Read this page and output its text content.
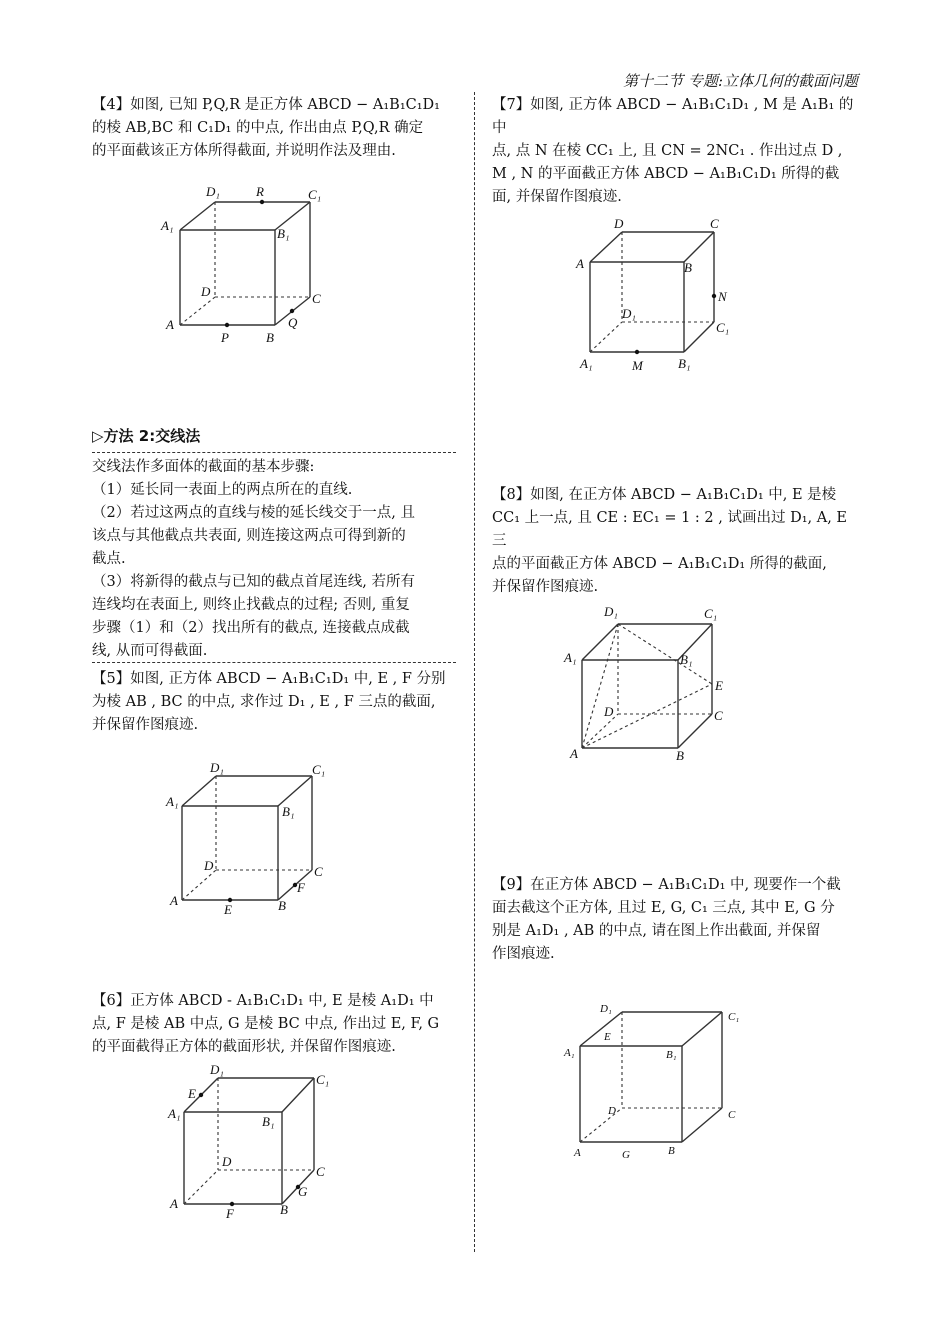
第十二节 专题:立体几何的截面问题

【4】如图, 已知 P,Q,R 是正方体 ABCD − A₁B₁C₁D₁

的棱 AB,BC 和 C₁D₁ 的中点, 作出由点 P,Q,R 确定

的平面截该正方体所得截面, 并说明作法及理由.

A
B
C
D
A₁
B₁
C₁
D₁
P
Q
R
▷方法 2:交线法

交线法作多面体的截面的基本步骤:

（1）延长同一表面上的两点所在的直线.

（2）若过这两点的直线与棱的延长线交于一点, 且

该点与其他截点共表面, 则连接这两点可得到新的

截点.

（3）将新得的截点与已知的截点首尾连线, 若所有

连线均在表面上, 则终止找截点的过程; 否则, 重复

步骤（1）和（2）找出所有的截点, 连接截点成截

线, 从而可得截面.

【5】如图, 正方体 ABCD − A₁B₁C₁D₁ 中, E , F 分别

为棱 AB , BC 的中点, 求作过 D₁ , E , F 三点的截面,

并保留作图痕迹.

A	B
C
D
A₁
B₁
C₁
D₁
E
F

【6】正方体 ABCD - A₁B₁C₁D₁ 中, E 是棱 A₁D₁ 中

点, F 是棱 AB 中点, G 是棱 BC 中点, 作出过 E, F, G

的平面截得正方体的截面形状, 并保留作图痕迹.

A	B
C
D
A₁
B₁
C₁
D₁
E
F
G

【7】如图, 正方体 ABCD − A₁B₁C₁D₁ , M 是 A₁B₁ 的中

点, 点 N 在棱 CC₁ 上, 且 CN = 2NC₁ . 作出过点 D ,

M , N 的平面截正方体 ABCD − A₁B₁C₁D₁ 所得的截

面, 并保留作图痕迹.

A	B
C
D
A₁	B₁
C₁
D₁
M
N

【8】如图, 在正方体 ABCD − A₁B₁C₁D₁ 中, E 是棱

CC₁ 上一点, 且 CE : EC₁ = 1 : 2 , 试画出过 D₁, A, E 三

点的平面截正方体 ABCD − A₁B₁C₁D₁ 所得的截面,

并保留作图痕迹.

A	B
C
D
A₁	B₁
C₁
D₁
E

【9】在正方体 ABCD − A₁B₁C₁D₁ 中, 现要作一个截

面去截这个正方体, 且过 E, G, C₁ 三点, 其中 E, G 分

别是 A₁D₁ , AB 的中点, 请在图上作出截面, 并保留

作图痕迹.

A	B
C
D
A₁	B₁
C₁
D₁
E
G
